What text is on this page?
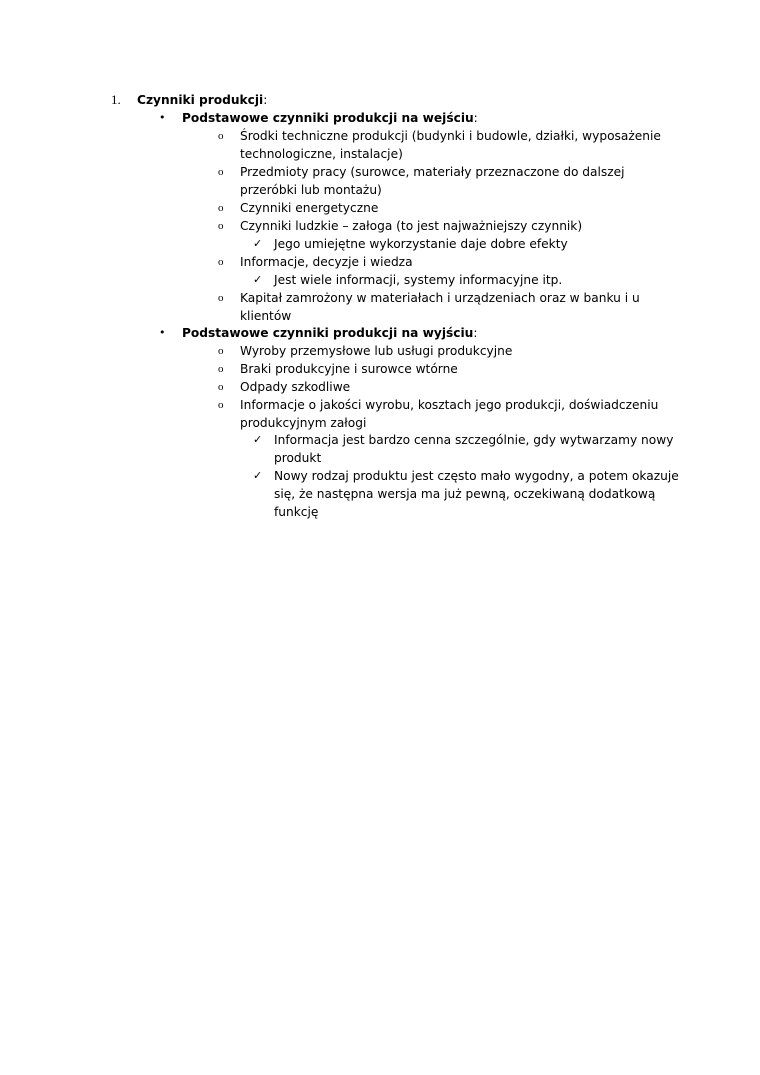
1. Czynniki produkcji:
• Podstawowe czynniki produkcji na wejściu:
o Środki techniczne produkcji (budynki i budowle, działki, wyposażenie
technologiczne, instalacje)
o Przedmioty pracy (surowce, materiały przeznaczone do dalszej
przeróbki lub montażu)
o Czynniki energetyczne
o Czynniki ludzkie – załoga (to jest najważniejszy czynnik)
✓ Jego umiejętne wykorzystanie daje dobre efekty
o Informacje, decyzje i wiedza
✓ Jest wiele informacji, systemy informacyjne itp.
o Kapitał zamrożony w materiałach i urządzeniach oraz w banku i u
klientów
• Podstawowe czynniki produkcji na wyjściu:
o Wyroby przemysłowe lub usługi produkcyjne
o Braki produkcyjne i surowce wtórne
o Odpady szkodliwe
o Informacje o jakości wyrobu, kosztach jego produkcji, doświadczeniu
produkcyjnym załogi
✓ Informacja jest bardzo cenna szczególnie, gdy wytwarzamy nowy
produkt
✓ Nowy rodzaj produktu jest często mało wygodny, a potem okazuje
się, że następna wersja ma już pewną, oczekiwaną dodatkową
funkcję
